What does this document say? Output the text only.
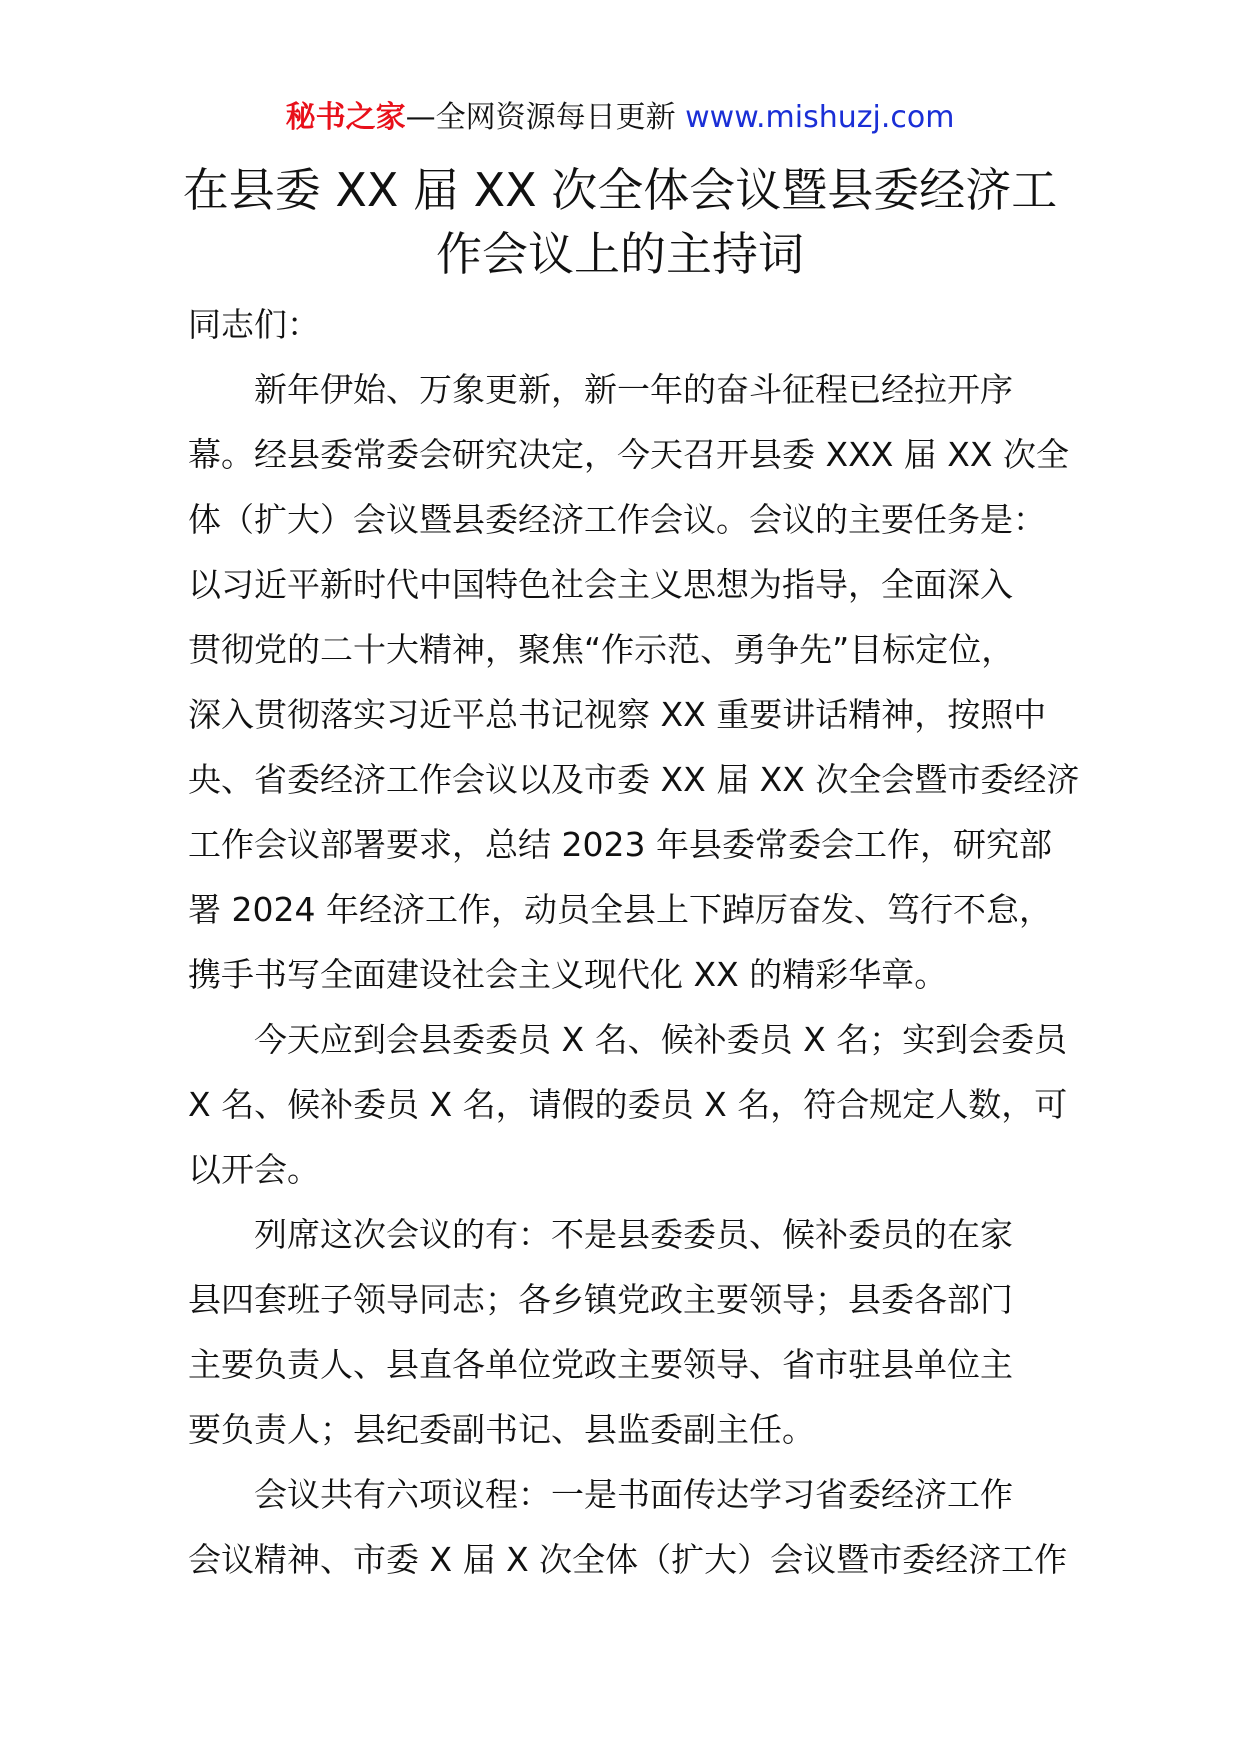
秘书之家—全网资源每日更新 www.mishuzj.com
在县委 XX 届 XX 次全体会议暨县委经济工
作会议上的主持词

同志们：

新年伊始、万象更新，新一年的奋斗征程已经拉开序
幕。经县委常委会研究决定，今天召开县委 XXX 届 XX 次全
体（扩大）会议暨县委经济工作会议。会议的主要任务是：
以习近平新时代中国特色社会主义思想为指导，全面深入
贯彻党的二十大精神，聚焦“作示范、勇争先”目标定位，
深入贯彻落实习近平总书记视察 XX 重要讲话精神，按照中
央、省委经济工作会议以及市委 XX 届 XX 次全会暨市委经济
工作会议部署要求，总结 2023 年县委常委会工作，研究部
署 2024 年经济工作，动员全县上下踔厉奋发、笃行不怠，
携手书写全面建设社会主义现代化 XX 的精彩华章。

今天应到会县委委员 X 名、候补委员 X 名；实到会委员
X 名、候补委员 X 名，请假的委员 X 名，符合规定人数，可
以开会。

列席这次会议的有：不是县委委员、候补委员的在家
县四套班子领导同志；各乡镇党政主要领导；县委各部门
主要负责人、县直各单位党政主要领导、省市驻县单位主
要负责人；县纪委副书记、县监委副主任。

会议共有六项议程：一是书面传达学习省委经济工作
会议精神、市委 X 届 X 次全体（扩大）会议暨市委经济工作
